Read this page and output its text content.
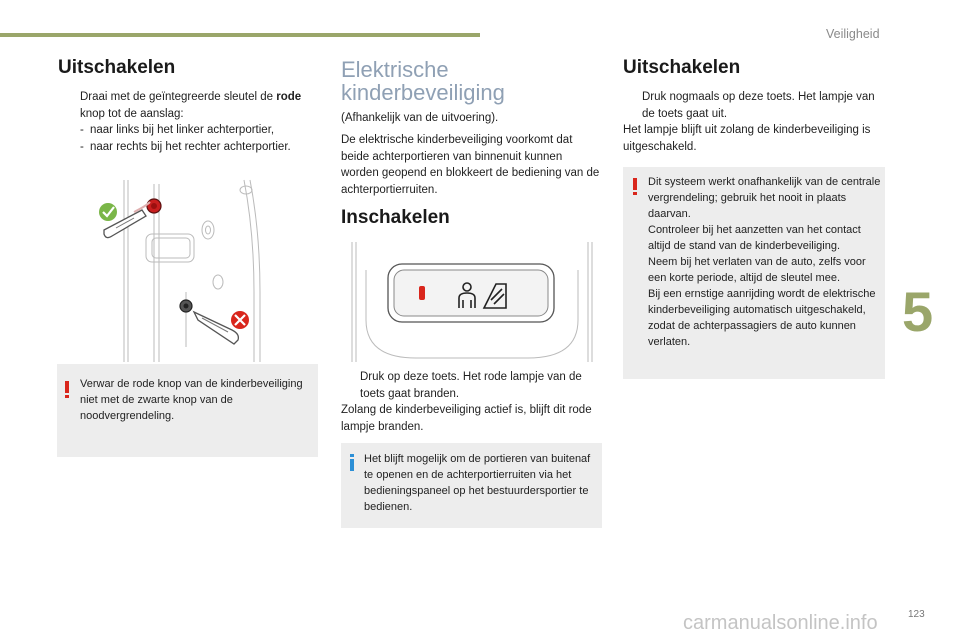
Veiligheid
5
Uitschakelen
Draai met de geïntegreerde sleutel de rode knop tot de aanslag:
- naar links bij het linker achterportier,
- naar rechts bij het rechter achterportier.
Verwar de rode knop van de kinderbeveiliging niet met de zwarte knop van de noodvergrendeling.
Elektrische
kinderbeveiliging
(Afhankelijk van de uitvoering).
De elektrische kinderbeveiliging voorkomt dat beide achterportieren van binnenuit kunnen worden geopend en blokkeert de bediening van de achterportierruiten.
Inschakelen
Druk op deze toets. Het rode lampje van de toets gaat branden.
Zolang de kinderbeveiliging actief is, blijft dit rode lampje branden.
Het blijft mogelijk om de portieren van buitenaf te openen en de achterportierruiten via het bedieningspaneel op het bestuurdersportier te bedienen.
Uitschakelen
Druk nogmaals op deze toets. Het lampje van de toets gaat uit.
Het lampje blijft uit zolang de kinderbeveiliging is uitgeschakeld.
Dit systeem werkt onafhankelijk van de centrale vergrendeling; gebruik het nooit in plaats daarvan.
Controleer bij het aanzetten van het contact altijd de stand van de kinderbeveiliging.
Neem bij het verlaten van de auto, zelfs voor een korte periode, altijd de sleutel mee.
Bij een ernstige aanrijding wordt de elektrische kinderbeveiliging automatisch uitgeschakeld, zodat de achterpassagiers de auto kunnen verlaten.
123
carmanualsonline.info
